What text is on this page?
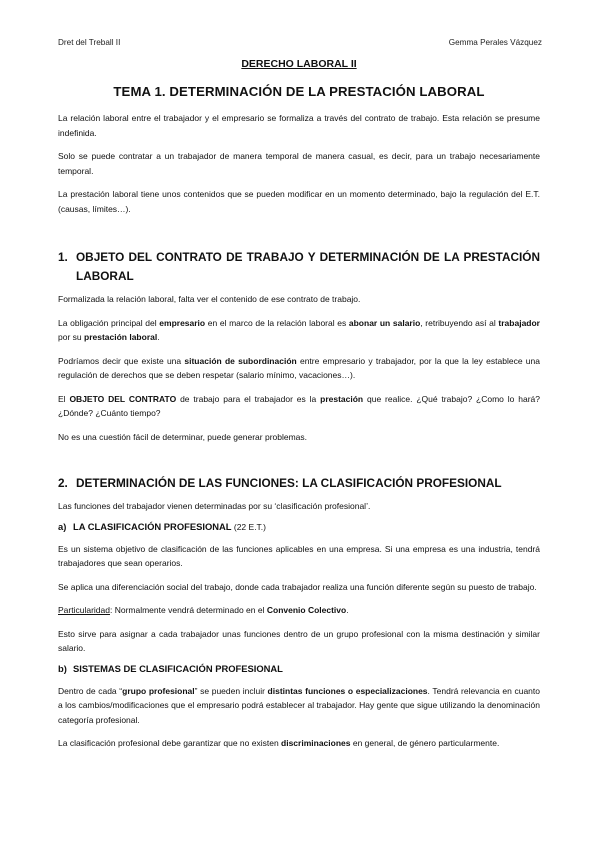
Dret del Treball II	Gemma Perales Vázquez
DERECHO LABORAL II
TEMA 1. DETERMINACIÓN DE LA PRESTACIÓN LABORAL

La relación laboral entre el trabajador y el empresario se formaliza a través del contrato de trabajo. Esta relación se presume indefinida.

Solo se puede contratar a un trabajador de manera temporal de manera casual, es decir, para un trabajo necesariamente temporal.

La prestación laboral tiene unos contenidos que se pueden modificar en un momento determinado, bajo la regulación del E.T. (causas, límites…).

1. OBJETO DEL CONTRATO DE TRABAJO Y DETERMINACIÓN DE LA PRESTACIÓN LABORAL

Formalizada la relación laboral, falta ver el contenido de ese contrato de trabajo.

La obligación principal del empresario en el marco de la relación laboral es abonar un salario, retribuyendo así al trabajador por su prestación laboral.

Podríamos decir que existe una situación de subordinación entre empresario y trabajador, por la que la ley establece una regulación de derechos que se deben respetar (salario mínimo, vacaciones…).

El OBJETO DEL CONTRATO de trabajo para el trabajador es la prestación que realice. ¿Qué trabajo? ¿Como lo hará? ¿Dónde? ¿Cuánto tiempo?

No es una cuestión fácil de determinar, puede generar problemas.

2. DETERMINACIÓN DE LAS FUNCIONES: LA CLASIFICACIÓN PROFESIONAL

Las funciones del trabajador vienen determinadas por su ‘clasificación profesional’.

a) LA CLASIFICACIÓN PROFESIONAL (22 E.T.)

Es un sistema objetivo de clasificación de las funciones aplicables en una empresa. Si una empresa es una industria, tendrá trabajadores que sean operarios.

Se aplica una diferenciación social del trabajo, donde cada trabajador realiza una función diferente según su puesto de trabajo.

Particularidad: Normalmente vendrá determinado en el Convenio Colectivo.

Esto sirve para asignar a cada trabajador unas funciones dentro de un grupo profesional con la misma destinación y similar salario.

b) SISTEMAS DE CLASIFICACIÓN PROFESIONAL

Dentro de cada “grupo profesional” se pueden incluir distintas funciones o especializaciones. Tendrá relevancia en cuanto a los cambios/modificaciones que el empresario podrá establecer al trabajador. Hay gente que sigue utilizando la denominación categoría profesional.

La clasificación profesional debe garantizar que no existen discriminaciones en general, de género particularmente.
